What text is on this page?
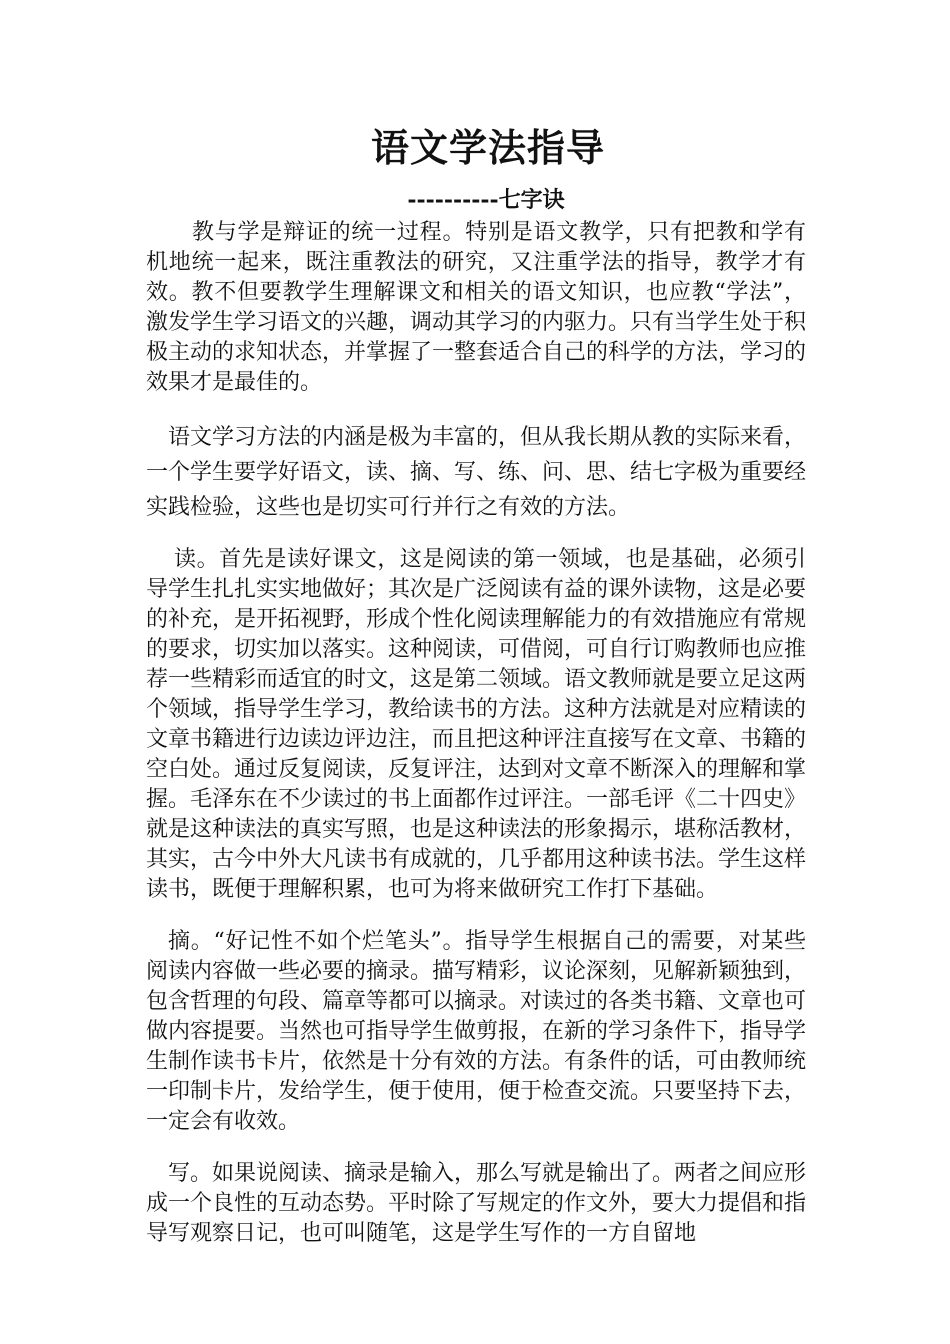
语文学法指导
----------七字诀

教与学是辩证的统一过程。特别是语文教学，只有把教和学有机地统一起来，既注重教法的研究，又注重学法的指导，教学才有效。教不但要教学生理解课文和相关的语文知识，也应教“学法”，激发学生学习语文的兴趣，调动其学习的内驱力。只有当学生处于积极主动的求知状态，并掌握了一整套适合自己的科学的方法，学习的效果才是最佳的。

语文学习方法的内涵是极为丰富的，但从我长期从教的实际来看，一个学生要学好语文，读、摘、写、练、问、思、结七字极为重要经实践检验，这些也是切实可行并行之有效的方法。

读。首先是读好课文，这是阅读的第一领域，也是基础，必须引导学生扎扎实实地做好；其次是广泛阅读有益的课外读物，这是必要的补充，是开拓视野，形成个性化阅读理解能力的有效措施应有常规的要求，切实加以落实。这种阅读，可借阅，可自行订购教师也应推荐一些精彩而适宜的时文，这是第二领域。语文教师就是要立足这两个领域，指导学生学习，教给读书的方法。这种方法就是对应精读的文章书籍进行边读边评边注，而且把这种评注直接写在文章、书籍的空白处。通过反复阅读，反复评注，达到对文章不断深入的理解和掌握。毛泽东在不少读过的书上面都作过评注。一部毛评《二十四史》就是这种读法的真实写照，也是这种读法的形象揭示，堪称活教材，其实，古今中外大凡读书有成就的，几乎都用这种读书法。学生这样读书，既便于理解积累，也可为将来做研究工作打下基础。

摘。“好记性不如个烂笔头”。指导学生根据自己的需要，对某些阅读内容做一些必要的摘录。描写精彩，议论深刻，见解新颖独到，包含哲理的句段、篇章等都可以摘录。对读过的各类书籍、文章也可做内容提要。当然也可指导学生做剪报，在新的学习条件下，指导学生制作读书卡片，依然是十分有效的方法。有条件的话，可由教师统一印制卡片，发给学生，便于使用，便于检查交流。只要坚持下去，一定会有收效。

写。如果说阅读、摘录是输入，那么写就是输出了。两者之间应形成一个良性的互动态势。平时除了写规定的作文外，要大力提倡和指导写观察日记，也可叫随笔，这是学生写作的一方自留地
